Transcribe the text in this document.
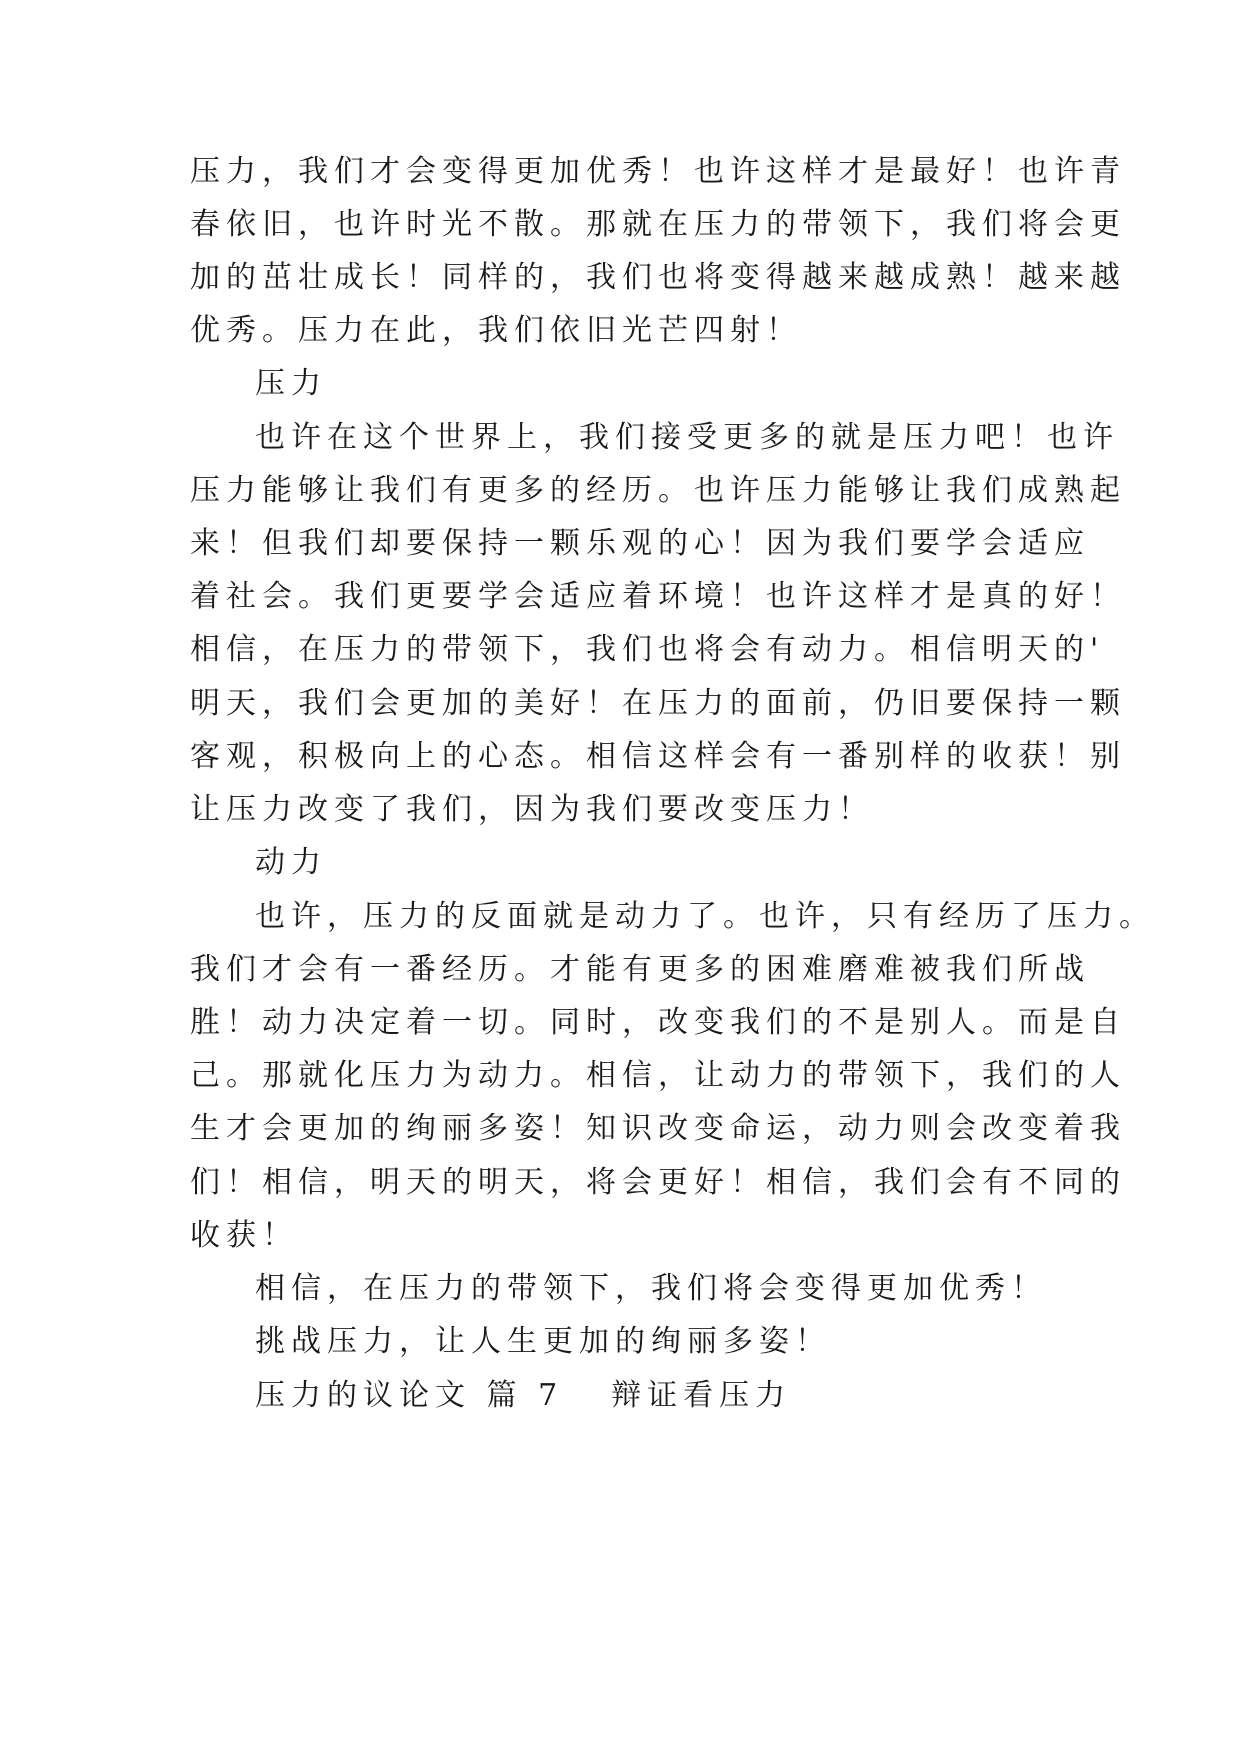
压力，我们才会变得更加优秀！也许这样才是最好！也许青

春依旧，也许时光不散。那就在压力的带领下，我们将会更

加的茁壮成长！同样的，我们也将变得越来越成熟！越来越

优秀。压力在此，我们依旧光芒四射！

压力

也许在这个世界上，我们接受更多的就是压力吧！也许

压力能够让我们有更多的经历。也许压力能够让我们成熟起

来！但我们却要保持一颗乐观的心！因为我们要学会适应

着社会。我们更要学会适应着环境！也许这样才是真的好！

相信，在压力的带领下，我们也将会有动力。相信明天的'

明天，我们会更加的美好！在压力的面前，仍旧要保持一颗

客观，积极向上的心态。相信这样会有一番别样的收获！别

让压力改变了我们，因为我们要改变压力！

动力

也许，压力的反面就是动力了。也许，只有经历了压力。

我们才会有一番经历。才能有更多的困难磨难被我们所战

胜！动力决定着一切。同时，改变我们的不是别人。而是自

己。那就化压力为动力。相信，让动力的带领下，我们的人

生才会更加的绚丽多姿！知识改变命运，动力则会改变着我

们！相信，明天的明天，将会更好！相信，我们会有不同的

收获！

相信，在压力的带领下，我们将会变得更加优秀！

挑战压力，让人生更加的绚丽多姿！

压力的议论文 篇 7 辩证看压力
